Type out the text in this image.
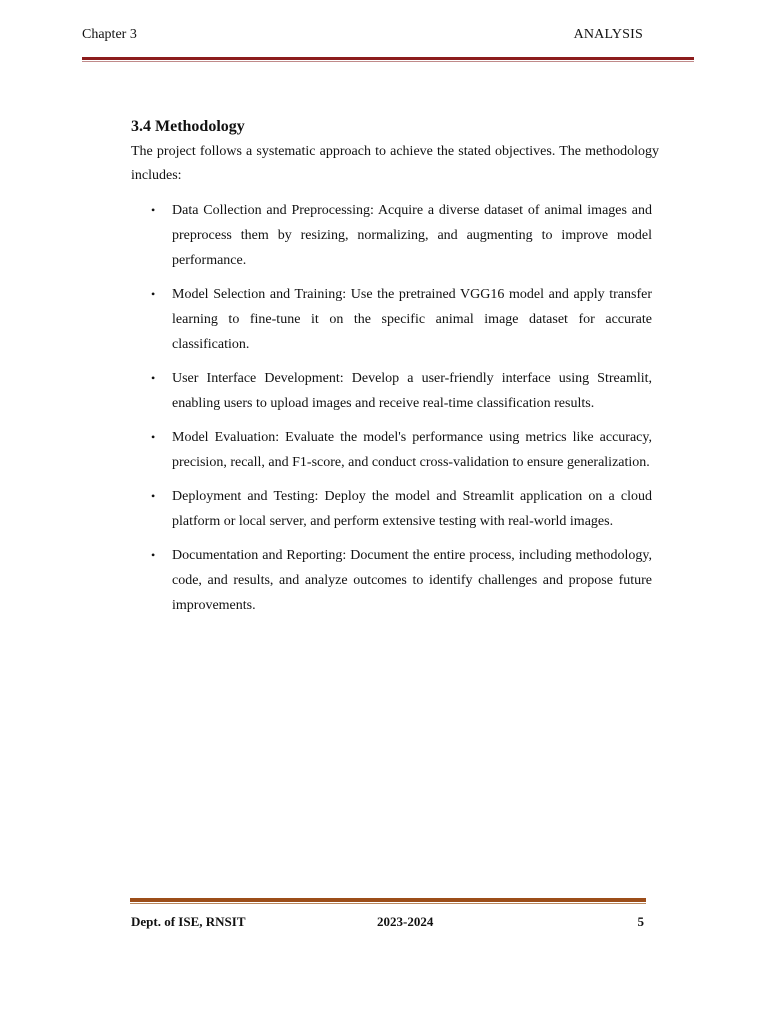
Chapter 3	ANALYSIS
3.4 Methodology

The project follows a systematic approach to achieve the stated objectives. The methodology includes:

• Data Collection and Preprocessing: Acquire a diverse dataset of animal images and preprocess them by resizing, normalizing, and augmenting to improve model performance.
• Model Selection and Training: Use the pretrained VGG16 model and apply transfer learning to fine-tune it on the specific animal image dataset for accurate classification.
• User Interface Development: Develop a user-friendly interface using Streamlit, enabling users to upload images and receive real-time classification results.
• Model Evaluation: Evaluate the model's performance using metrics like accuracy, precision, recall, and F1-score, and conduct cross-validation to ensure generalization.
• Deployment and Testing: Deploy the model and Streamlit application on a cloud platform or local server, and perform extensive testing with real-world images.
• Documentation and Reporting: Document the entire process, including methodology, code, and results, and analyze outcomes to identify challenges and propose future improvements.
Dept. of ISE, RNSIT	2023-2024	5
